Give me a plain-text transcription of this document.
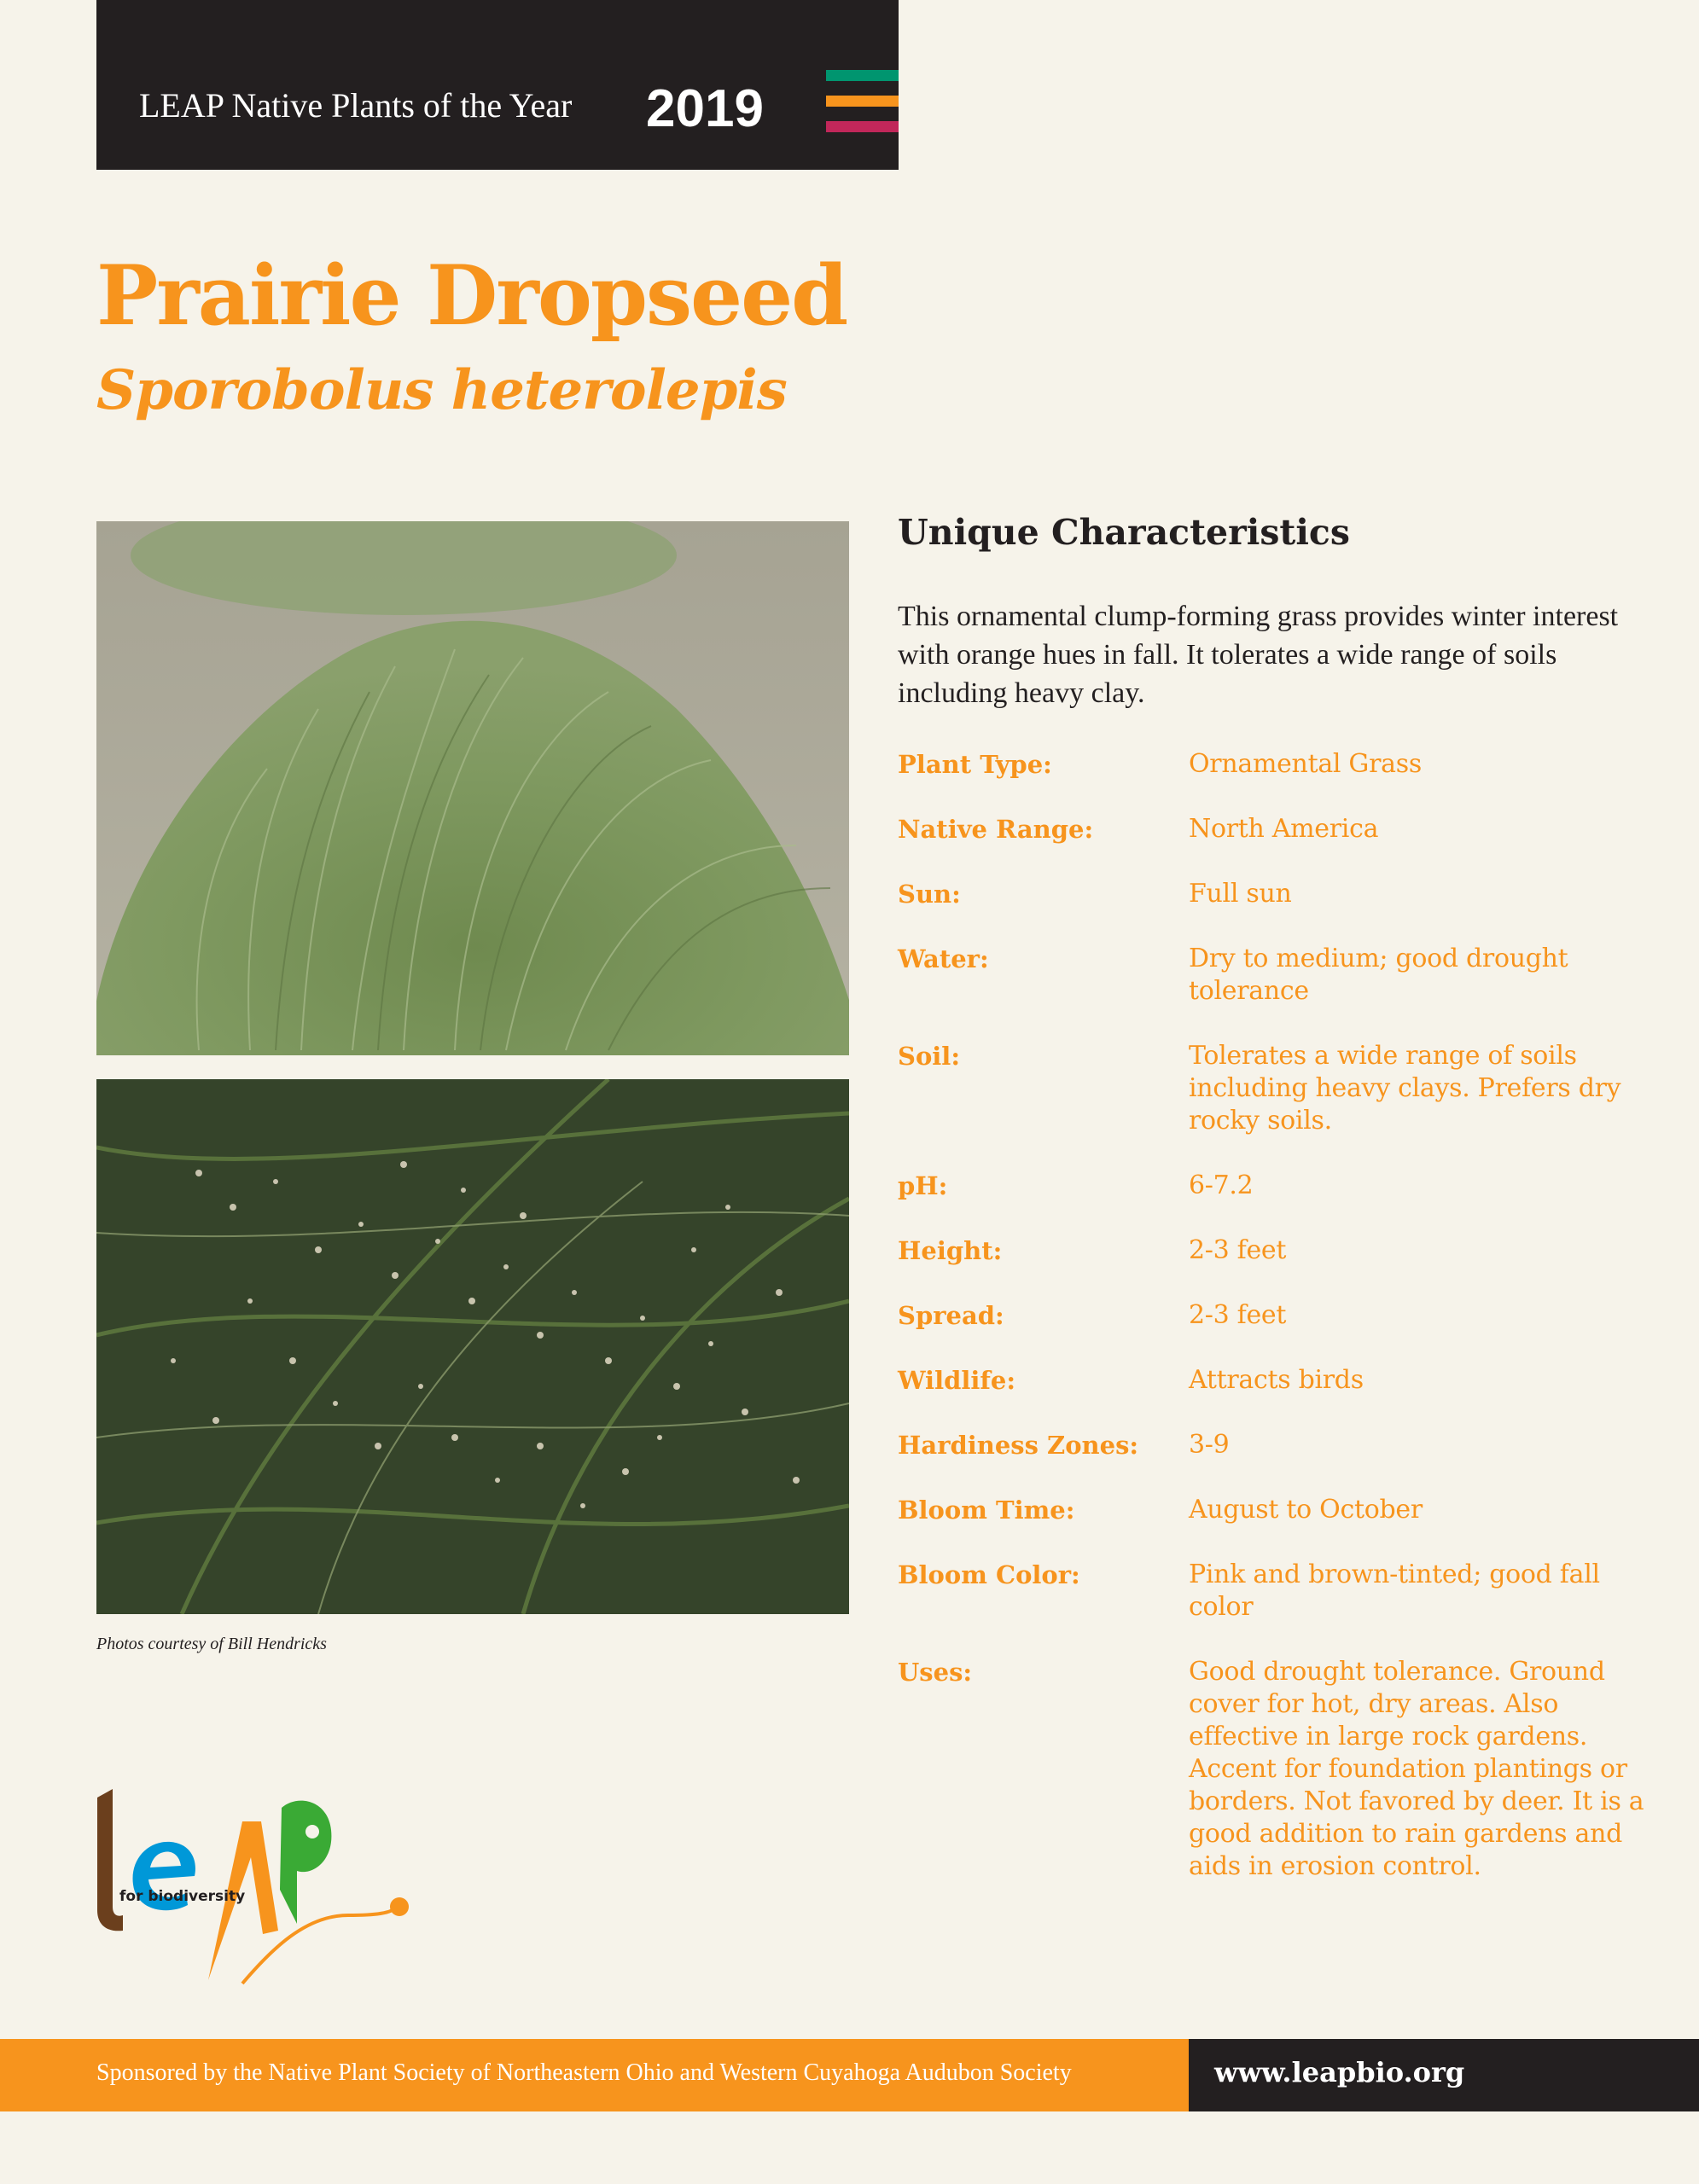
LEAP Native Plants of the Year 2019
Prairie Dropseed
Sporobolus heterolepis
Photos courtesy of Bill Hendricks
for biodiversity
Unique Characteristics

This ornamental clump-forming grass provides winter interest with orange hues in fall. It tolerates a wide range of soils including heavy clay.

Plant Type:	Ornamental Grass
Native Range:	North America
Sun:	Full sun
Water:	Dry to medium; good drought tolerance
Soil:	Tolerates a wide range of soils including heavy clays. Prefers dry rocky soils.
pH:	6-7.2
Height:	2-3 feet
Spread:	2-3 feet
Wildlife:	Attracts birds
Hardiness Zones:	3-9
Bloom Time:	August to October
Bloom Color:	Pink and brown-tinted; good fall color
Uses:	Good drought tolerance. Ground cover for hot, dry areas. Also effective in large rock gardens. Accent for foundation plantings or borders. Not favored by deer. It is a good addition to rain gardens and aids in erosion control.
Sponsored by the Native Plant Society of Northeastern Ohio and Western Cuyahoga Audubon Society	www.leapbio.org
